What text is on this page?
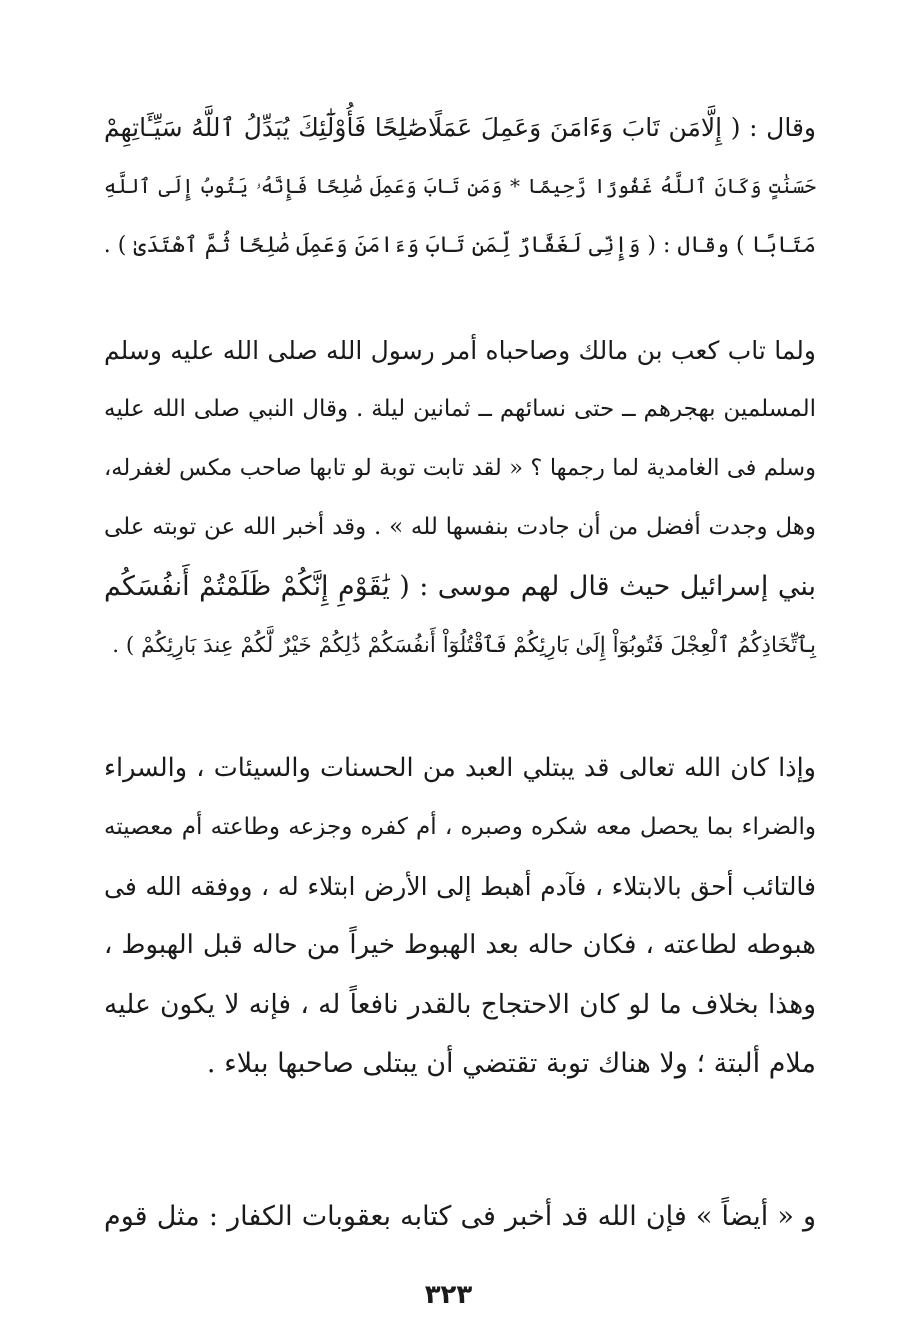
وقال : ( إِلَّامَن تَابَ وَءَامَنَ وَعَمِلَ عَمَلًاصَٰلِحًا فَأُوْلَٰٓئِكَ يُبَدِّلُ ٱللَّهُ سَيِّـَٔاتِهِمْ
حَسَنَٰتٍ وَكَانَ ٱللَّهُ غَفُورًا رَّحِيمًا * وَمَن تَابَ وَعَمِلَ صَٰلِحًا فَإِنَّهُۥ يَتُوبُ إِلَى ٱللَّهِ
مَتَابًا ) وقال : ( وَإِنِّى لَغَفَّارٌ لِّمَن تَابَ وَءَامَنَ وَعَمِلَ صَٰلِحًا ثُمَّ ٱهْتَدَىٰ ) .
ولما تاب كعب بن مالك وصاحباه أمر رسول الله صلى الله عليه وسلم
المسلمين بهجرهم ــ حتى نسائهم ــ ثمانين ليلة . وقال النبي صلى الله عليه
وسلم فى الغامدية لما رجمها ؟ « لقد تابت توبة لو تابها صاحب مكس لغفرله،
وهل وجدت أفضل من أن جادت بنفسها لله » . وقد أخبر الله عن توبته على
بني إسرائيل حيث قال لهم موسى : ( يَٰقَوْمِ إِنَّكُمْ ظَلَمْتُمْ أَنفُسَكُم
بِٱتِّخَاذِكُمُ ٱلْعِجْلَ فَتُوبُوٓاْ إِلَىٰ بَارِئِكُمْ فَٱقْتُلُوٓاْ أَنفُسَكُمْ ذَٰلِكُمْ خَيْرٌ لَّكُمْ عِندَ بَارِئِكُمْ ) .
وإذا كان الله تعالى قد يبتلي العبد من الحسنات والسيئات ، والسراء
والضراء بما يحصل معه شكره وصبره ، أم كفره وجزعه وطاعته أم معصيته
فالتائب أحق بالابتلاء ، فآدم أهبط إلى الأرض ابتلاء له ، ووفقه الله فى
هبوطه لطاعته ، فكان حاله بعد الهبوط خيراً من حاله قبل الهبوط ،
وهذا بخلاف ما لو كان الاحتجاج بالقدر نافعاً له ، فإنه لا يكون عليه
ملام ألبتة ؛ ولا هناك توبة تقتضي أن يبتلى صاحبها ببلاء .
و « أيضاً » فإن الله قد أخبر فى كتابه بعقوبات الكفار : مثل قوم
٣٢٣
